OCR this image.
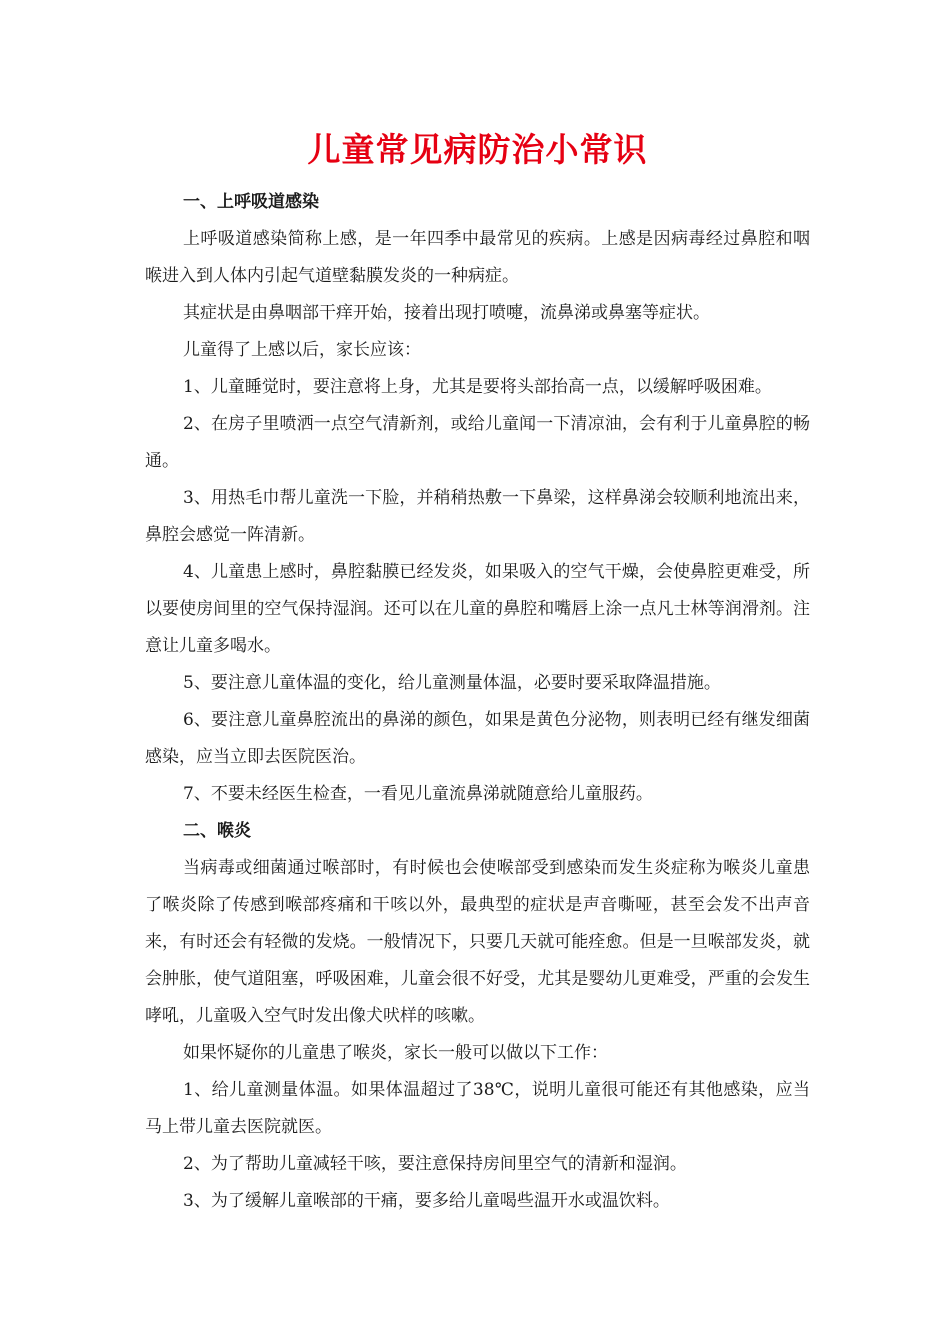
儿童常见病防治小常识

一、上呼吸道感染

上呼吸道感染简称上感，是一年四季中最常见的疾病。上感是因病毒经过鼻腔和咽喉进入到人体内引起气道壁黏膜发炎的一种病症。

其症状是由鼻咽部干痒开始，接着出现打喷嚏，流鼻涕或鼻塞等症状。

儿童得了上感以后，家长应该：

1、儿童睡觉时，要注意将上身，尤其是要将头部抬高一点，以缓解呼吸困难。

2、在房子里喷洒一点空气清新剂，或给儿童闻一下清凉油，会有利于儿童鼻腔的畅通。

3、用热毛巾帮儿童洗一下脸，并稍稍热敷一下鼻梁，这样鼻涕会较顺利地流出来，鼻腔会感觉一阵清新。

4、儿童患上感时，鼻腔黏膜已经发炎，如果吸入的空气干燥，会使鼻腔更难受，所以要使房间里的空气保持湿润。还可以在儿童的鼻腔和嘴唇上涂一点凡士林等润滑剂。注意让儿童多喝水。

5、要注意儿童体温的变化，给儿童测量体温，必要时要采取降温措施。

6、要注意儿童鼻腔流出的鼻涕的颜色，如果是黄色分泌物，则表明已经有继发细菌感染，应当立即去医院医治。

7、不要未经医生检查，一看见儿童流鼻涕就随意给儿童服药。

二、喉炎

当病毒或细菌通过喉部时，有时候也会使喉部受到感染而发生炎症称为喉炎儿童患了喉炎除了传感到喉部疼痛和干咳以外，最典型的症状是声音嘶哑，甚至会发不出声音来，有时还会有轻微的发烧。一般情况下，只要几天就可能痊愈。但是一旦喉部发炎，就会肿胀，使气道阻塞，呼吸困难，儿童会很不好受，尤其是婴幼儿更难受，严重的会发生哮吼，儿童吸入空气时发出像犬吠样的咳嗽。

如果怀疑你的儿童患了喉炎，家长一般可以做以下工作：

1、给儿童测量体温。如果体温超过了38℃，说明儿童很可能还有其他感染，应当马上带儿童去医院就医。

2、为了帮助儿童减轻干咳，要注意保持房间里空气的清新和湿润。

3、为了缓解儿童喉部的干痛，要多给儿童喝些温开水或温饮料。
